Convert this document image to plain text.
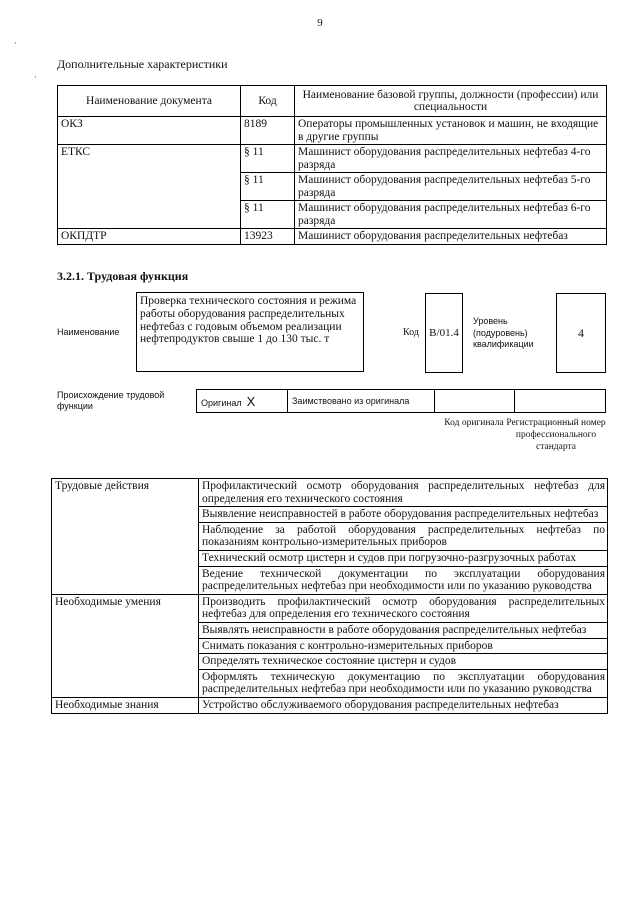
9
·
·
Дополнительные характеристики
Наименование документа	Код	Наименование базовой группы, должности (профессии) или специальности
ОКЗ	8189	Операторы промышленных установок и машин, не входящие в другие группы
ЕТКС	§ 11	Машинист оборудования распределительных нефтебаз 4-го разряда
	§ 11	Машинист оборудования распределительных нефтебаз 5-го разряда
	§ 11	Машинист оборудования распределительных нефтебаз 6-го разряда
ОКПДТР	13923	Машинист оборудования распределительных нефтебаз
3.2.1. Трудовая функция
Наименование
Проверка технического состояния и режима работы оборудования распределительных нефтебаз с годовым объемом реализации нефтепродуктов свыше 1 до 130 тыс. т
Код B/01.4
Уровень (подуровень) квалификации
4
Происхождение трудовой функции	Оригинал X	Заимствовано из оригинала		
Код оригинала Регистрационный номер профессионального стандарта
Трудовые действия	Профилактический осмотр оборудования распределительных нефтебаз для определения его технического состояния
	Выявление неисправностей в работе оборудования распределительных нефтебаз
	Наблюдение за работой оборудования распределительных нефтебаз по показаниям контрольно-измерительных приборов
	Технический осмотр цистерн и судов при погрузочно-разгрузочных работах
	Ведение технической документации по эксплуатации оборудования распределительных нефтебаз при необходимости или по указанию руководства
Необходимые умения	Производить профилактический осмотр оборудования распределительных нефтебаз для определения его технического состояния
	Выявлять неисправности в работе оборудования распределительных нефтебаз
	Снимать показания с контрольно-измерительных приборов
	Определять техническое состояние цистерн и судов
	Оформлять техническую документацию по эксплуатации оборудования распределительных нефтебаз при необходимости или по указанию руководства
Необходимые знания	Устройство обслуживаемого оборудования распределительных нефтебаз
